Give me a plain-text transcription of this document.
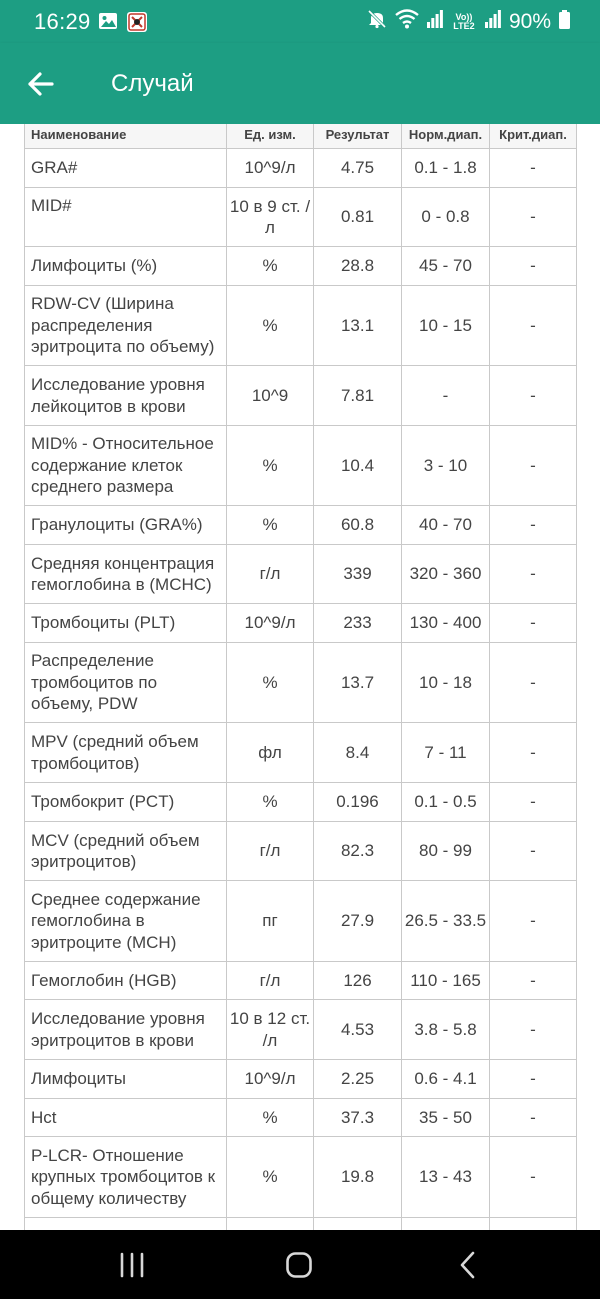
16:29	Vo)) LTE2 90%
Случай
Наименование	Ед. изм.	Результат	Норм.диап.	Крит.диап.
GRA#	10^9/л	4.75	0.1 - 1.8	-
MID#	10 в 9 ст. / л	0.81	0 - 0.8	-
Лимфоциты (%)	%	28.8	45 - 70	-
RDW-CV (Ширина распределения эритроцита по объему)	%	13.1	10 - 15	-
Исследование уровня лейкоцитов в крови	10^9	7.81	-	-
MID% - Относительное содержание клеток среднего размера	%	10.4	3 - 10	-
Гранулоциты (GRA%)	%	60.8	40 - 70	-
Средняя концентрация гемоглобина в (MCHC)	г/л	339	320 - 360	-
Тромбоциты (PLT)	10^9/л	233	130 - 400	-
Распределение тромбоцитов по объему, PDW	%	13.7	10 - 18	-
MPV (средний объем тромбоцитов)	фл	8.4	7 - 11	-
Тромбокрит (PCT)	%	0.196	0.1 - 0.5	-
MCV (средний объем эритроцитов)	г/л	82.3	80 - 99	-
Среднее содержание гемоглобина в эритроците (MCH)	пг	27.9	26.5 - 33.5	-
Гемоглобин (HGB)	г/л	126	110 - 165	-
Исследование уровня эритроцитов в крови	10 в 12 ст. /л	4.53	3.8 - 5.8	-
Лимфоциты	10^9/л	2.25	0.6 - 4.1	-
Hct	%	37.3	35 - 50	-
P-LCR- Отношение крупных тромбоцитов к общему количеству	%	19.8	13 - 43	-
